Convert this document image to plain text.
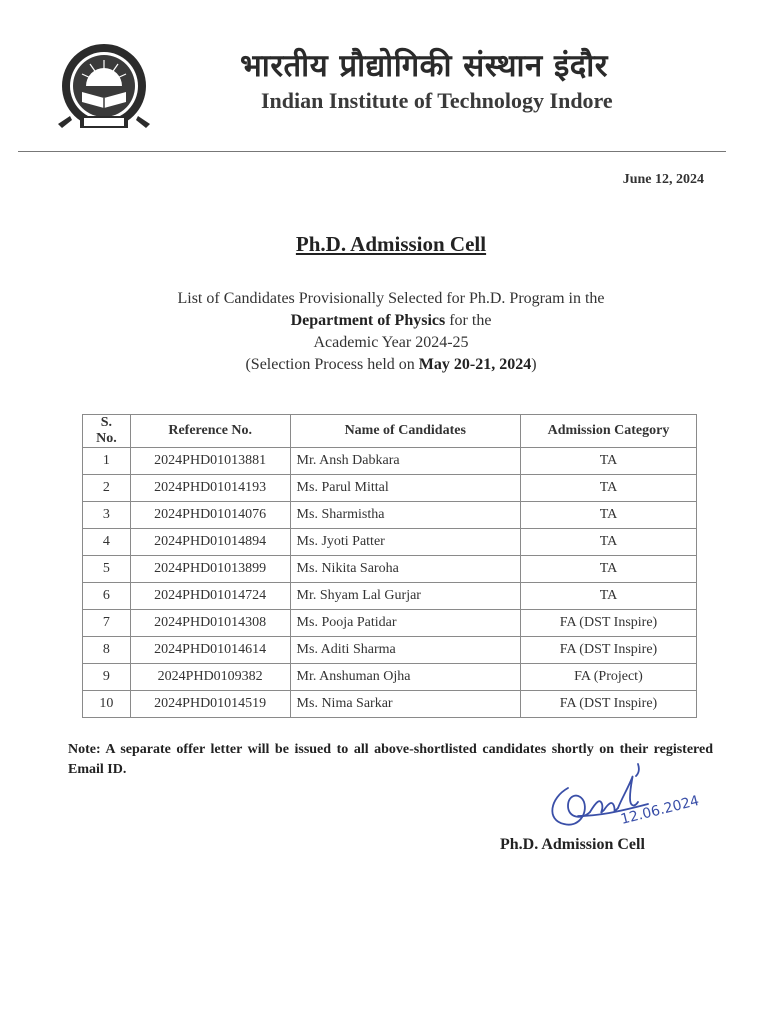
भारतीय प्रौद्योगिकी संस्थान इंदौर
Indian Institute of Technology Indore
June 12, 2024
Ph.D. Admission Cell
List of Candidates Provisionally Selected for Ph.D. Program in the
Department of Physics for the
Academic Year 2024-25
(Selection Process held on May 20-21, 2024)
S. No.	Reference No.	Name of Candidates	Admission Category
1	2024PHD01013881	Mr. Ansh Dabkara	TA
2	2024PHD01014193	Ms. Parul Mittal	TA
3	2024PHD01014076	Ms. Sharmistha	TA
4	2024PHD01014894	Ms. Jyoti Patter	TA
5	2024PHD01013899	Ms. Nikita Saroha	TA
6	2024PHD01014724	Mr. Shyam Lal Gurjar	TA
7	2024PHD01014308	Ms. Pooja Patidar	FA (DST Inspire)
8	2024PHD01014614	Ms. Aditi Sharma	FA (DST Inspire)
9	2024PHD0109382	Mr. Anshuman Ojha	FA (Project)
10	2024PHD01014519	Ms. Nima Sarkar	FA (DST Inspire)
Note: A separate offer letter will be issued to all above-shortlisted candidates shortly on their registered Email ID.
12.06.2024
Ph.D. Admission Cell
